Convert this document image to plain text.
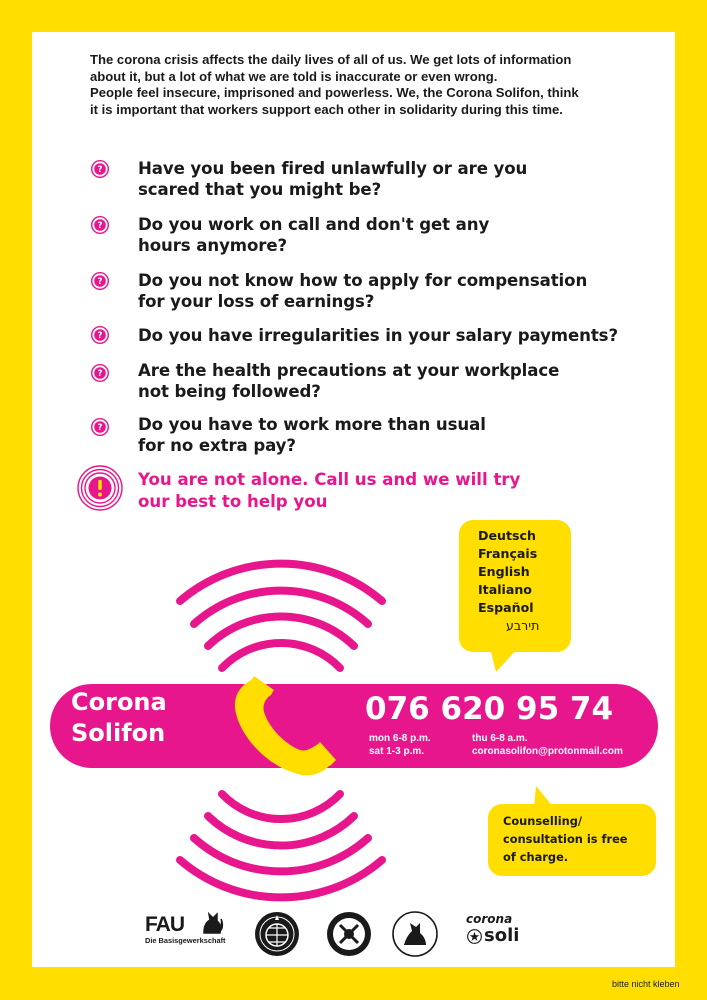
The corona crisis affects the daily lives of all of us. We get lots of information
about it, but a lot of what we are told is inaccurate or even wrong.
People feel insecure, imprisoned and powerless. We, the Corona Solifon, think
it is important that workers support each other in solidarity during this time.
? Have you been fired unlawfully or are you
scared that you might be?
? Do you work on call and don't get any
hours anymore?
? Do you not know how to apply for compensation
for your loss of earnings?
? Do you have irregularities in your salary payments?
? Are the health precautions at your workplace
not being followed?
? Do you have to work more than usual
for no extra pay?
You are not alone. Call us and we will try
our best to help you
Deutsch
Français
English
Italiano
Español
תירבע
Corona
Solifon
076 620 95 74
mon 6-8 p.m.
sat 1-3 p.m.
thu 6-8 a.m.
coronasolifon@protonmail.com
Counselling/
consultation is free
of charge.
FAU
Die Basisgewerkschaft
corona
soli
bitte nicht kleben
